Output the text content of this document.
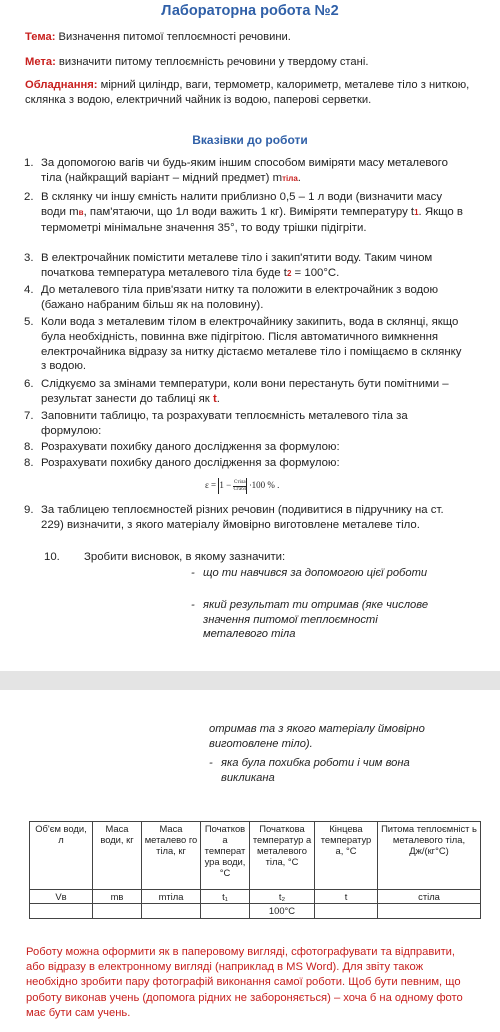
Лабораторна робота №2
Тема: Визначення питомої теплоємності речовини.
Мета: визначити питому теплоємність речовини у твердому стані.
Обладнання: мірний циліндр, ваги, термометр, калориметр, металеве тіло з ниткою, склянка з водою, електричний чайник із водою, паперові серветки.
Вказівки до роботи
1. За допомогою вагів чи будь-яким іншим способом виміряти масу металевого тіла (найкращий варіант – мідний предмет) mтіла.
2. В склянку чи іншу ємність налити приблизно 0,5 – 1 л води (визначити масу води mв, пам'ятаючи, що 1л води важить 1 кг). Виміряти температуру t1. Якщо в термометрі мінімальне значення 35°, то воду трішки підігріти.
3. В електрочайник помістити металеве тіло і закип'ятити воду. Таким чином початкова температура металевого тіла буде t2 = 100°С.
4. До металевого тіла прив'язати нитку та положити в електрочайник з водою (бажано набраним більш як на половину).
5. Коли вода з металевим тілом в електрочайнику закипить, вода в склянці, якщо була необхідність, повинна вже підігрітою. Після автоматичного вимкнення електрочайника відразу за нитку дістаємо металеве тіло і поміщаємо в склянку з водою.
6. Слідкуємо за змінами температури, коли вони перестануть бути помітними – результат занести до таблиці як t.
7. Заповнити таблицю, та розрахувати теплоємність металевого тіла за формулою:
8. Розрахувати похибку даного дослідження за формулою:
8. Розрахувати похибку даного дослідження за формулою:
$\varepsilon = 1 - \frac{\text{Cтіла}}{\text{Cтабл}} \cdot 100$ % .
9. За таблицею теплоємностей різних речовин (подивитися в підручнику на ст. 229) визначити, з якого матеріалу ймовірно виготовлене металеве тіло.
10. Зробити висновок, в якому зазначити:
- що ти навчився за допомогою цієї роботи
- який результат ти отримав (яке числове значення питомої теплоємності металевого тіла
отримав та з якого матеріалу ймовірно виготовлене тіло).
- яка була похибка роботи і чим вона викликана
Об'єм води, л	Маса води, кг	Маса металево го тіла, кг	Початков а температ ура води, °С	Початкова температур а металевого тіла, °С	Кінцева температур а, °С	Питома теплоємніст ь металевого тіла, Дж/(кг°С)
Vв	mв	mтіла	t₁	t₂	t	cтіла
				100°С		
Роботу можна оформити як в паперовому вигляді, сфотографувати та відправити, або відразу в електронному вигляді (наприклад в MS Word). Для звіту також необхідно зробити пару фотографій виконання самої роботи. Щоб бути певним, що роботу виконав учень (допомога рідних не забороняється) – хоча б на одному фото має бути сам учень.
